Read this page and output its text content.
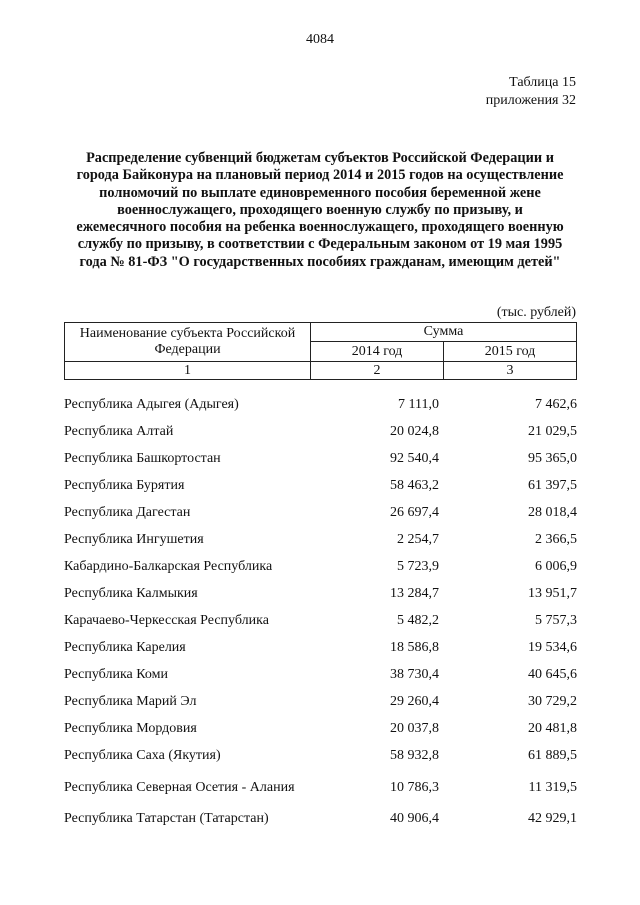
4084
Таблица 15
приложения 32
Распределение субвенций бюджетам субъектов Российской Федерации и города Байконура на плановый период 2014 и 2015 годов на осуществление полномочий по выплате единовременного пособия беременной жене военнослужащего, проходящего военную службу по призыву, и ежемесячного пособия на ребенка военнослужащего, проходящего военную службу по призыву, в соответствии с Федеральным законом от 19 мая 1995 года № 81-ФЗ "О государственных пособиях гражданам, имеющим детей"
(тыс. рублей)
Наименование субъекта Российской Федерации	Сумма	
	2014 год	2015 год
1	2	3
Республика Адыгея (Адыгея)	7 111,0	7 462,6
Республика Алтай	20 024,8	21 029,5
Республика Башкортостан	92 540,4	95 365,0
Республика Бурятия	58 463,2	61 397,5
Республика Дагестан	26 697,4	28 018,4
Республика Ингушетия	2 254,7	2 366,5
Кабардино-Балкарская Республика	5 723,9	6 006,9
Республика Калмыкия	13 284,7	13 951,7
Карачаево-Черкесская Республика	5 482,2	5 757,3
Республика Карелия	18 586,8	19 534,6
Республика Коми	38 730,4	40 645,6
Республика Марий Эл	29 260,4	30 729,2
Республика Мордовия	20 037,8	20 481,8
Республика Саха (Якутия)	58 932,8	61 889,5
Республика Северная Осетия - Алания	10 786,3	11 319,5
Республика Татарстан (Татарстан)	40 906,4	42 929,1
